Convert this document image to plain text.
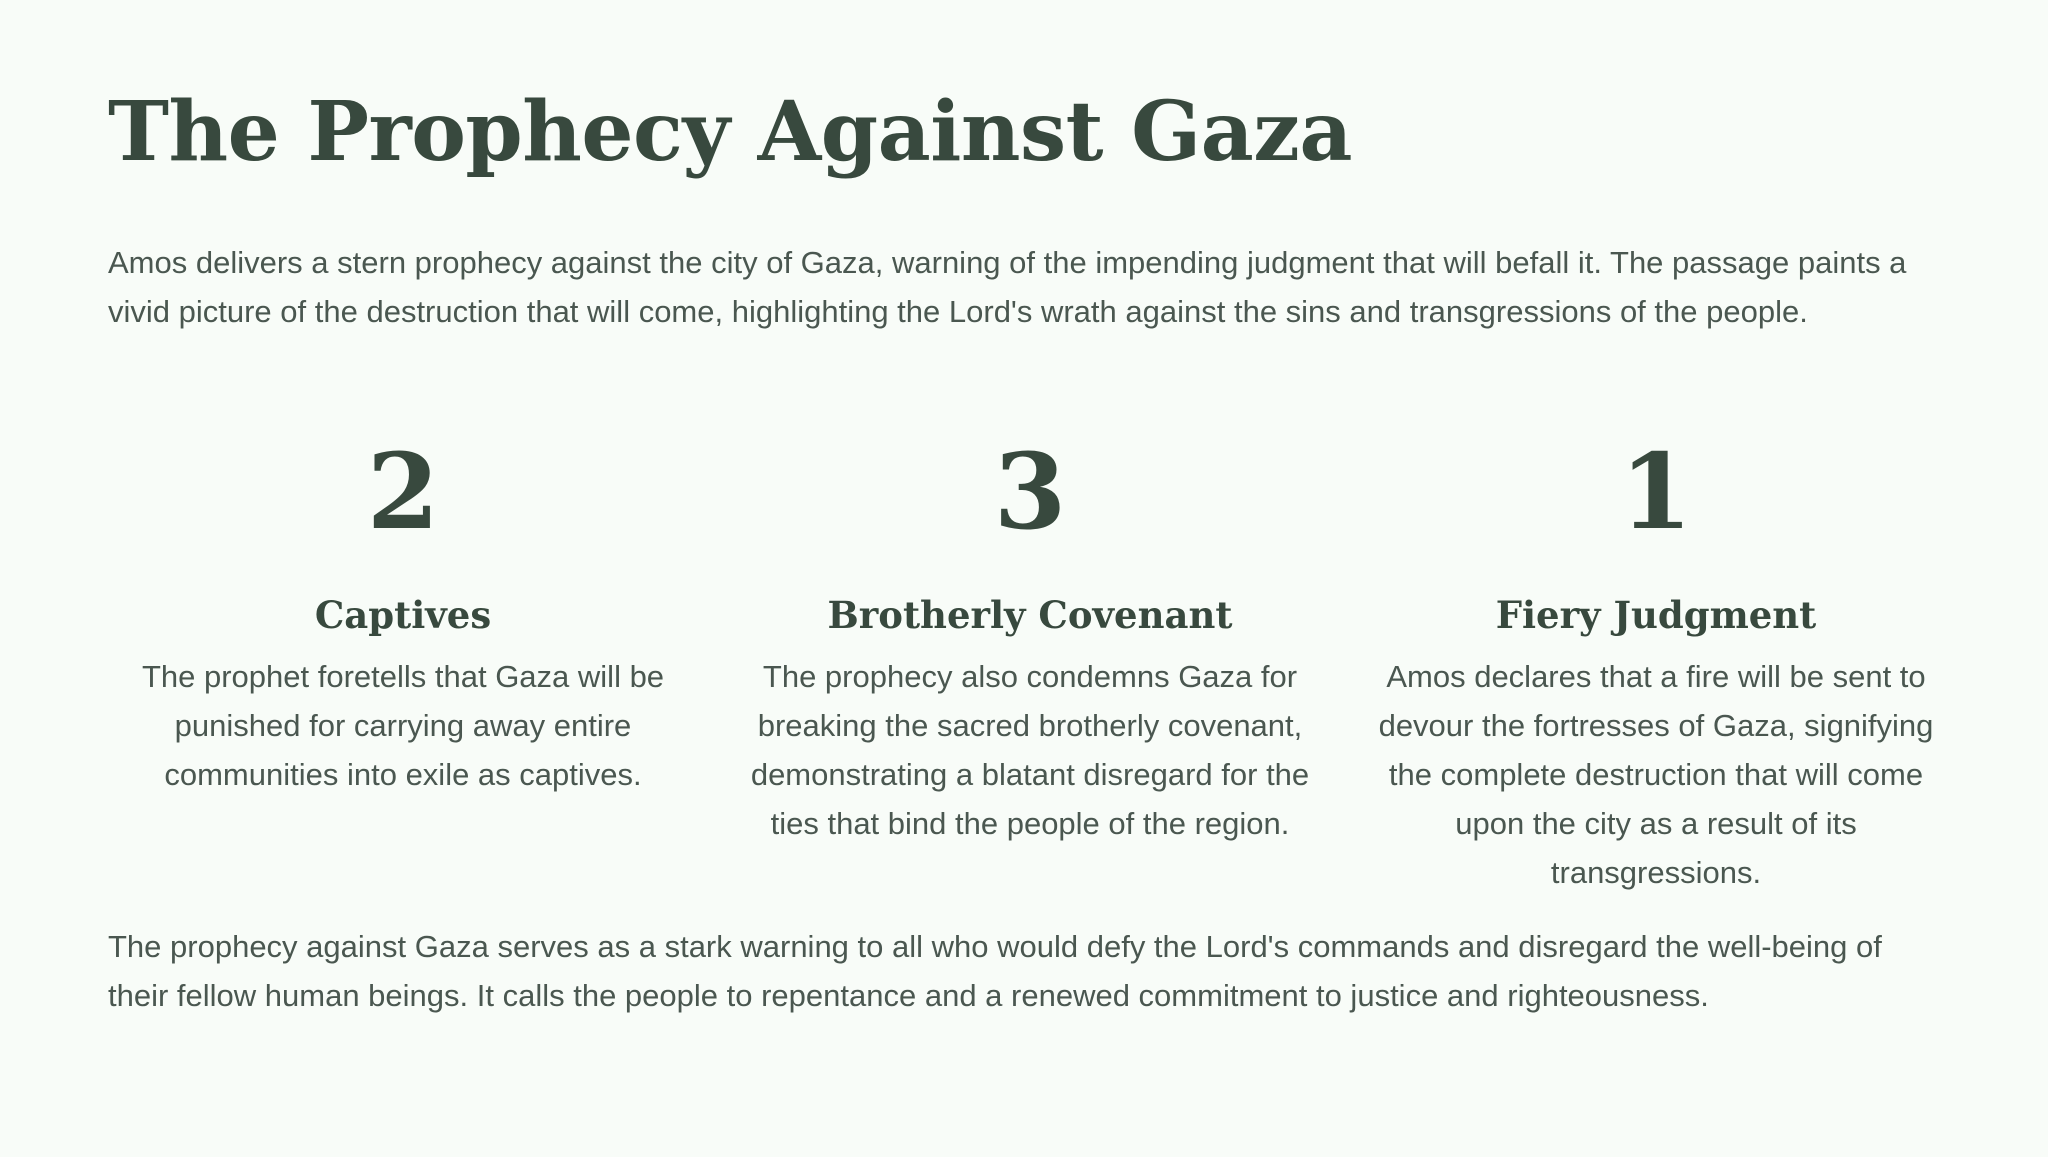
The Prophecy Against Gaza

Amos delivers a stern prophecy against the city of Gaza, warning of the impending judgment that will befall it. The passage paints a vivid picture of the destruction that will come, highlighting the Lord's wrath against the sins and transgressions of the people.

2
Captives
The prophet foretells that Gaza will be punished for carrying away entire communities into exile as captives.
3
Brotherly Covenant
The prophecy also condemns Gaza for breaking the sacred brotherly covenant, demonstrating a blatant disregard for the ties that bind the people of the region.
1
Fiery Judgment
Amos declares that a fire will be sent to devour the fortresses of Gaza, signifying the complete destruction that will come upon the city as a result of its transgressions.

The prophecy against Gaza serves as a stark warning to all who would defy the Lord's commands and disregard the well-being of their fellow human beings. It calls the people to repentance and a renewed commitment to justice and righteousness.
